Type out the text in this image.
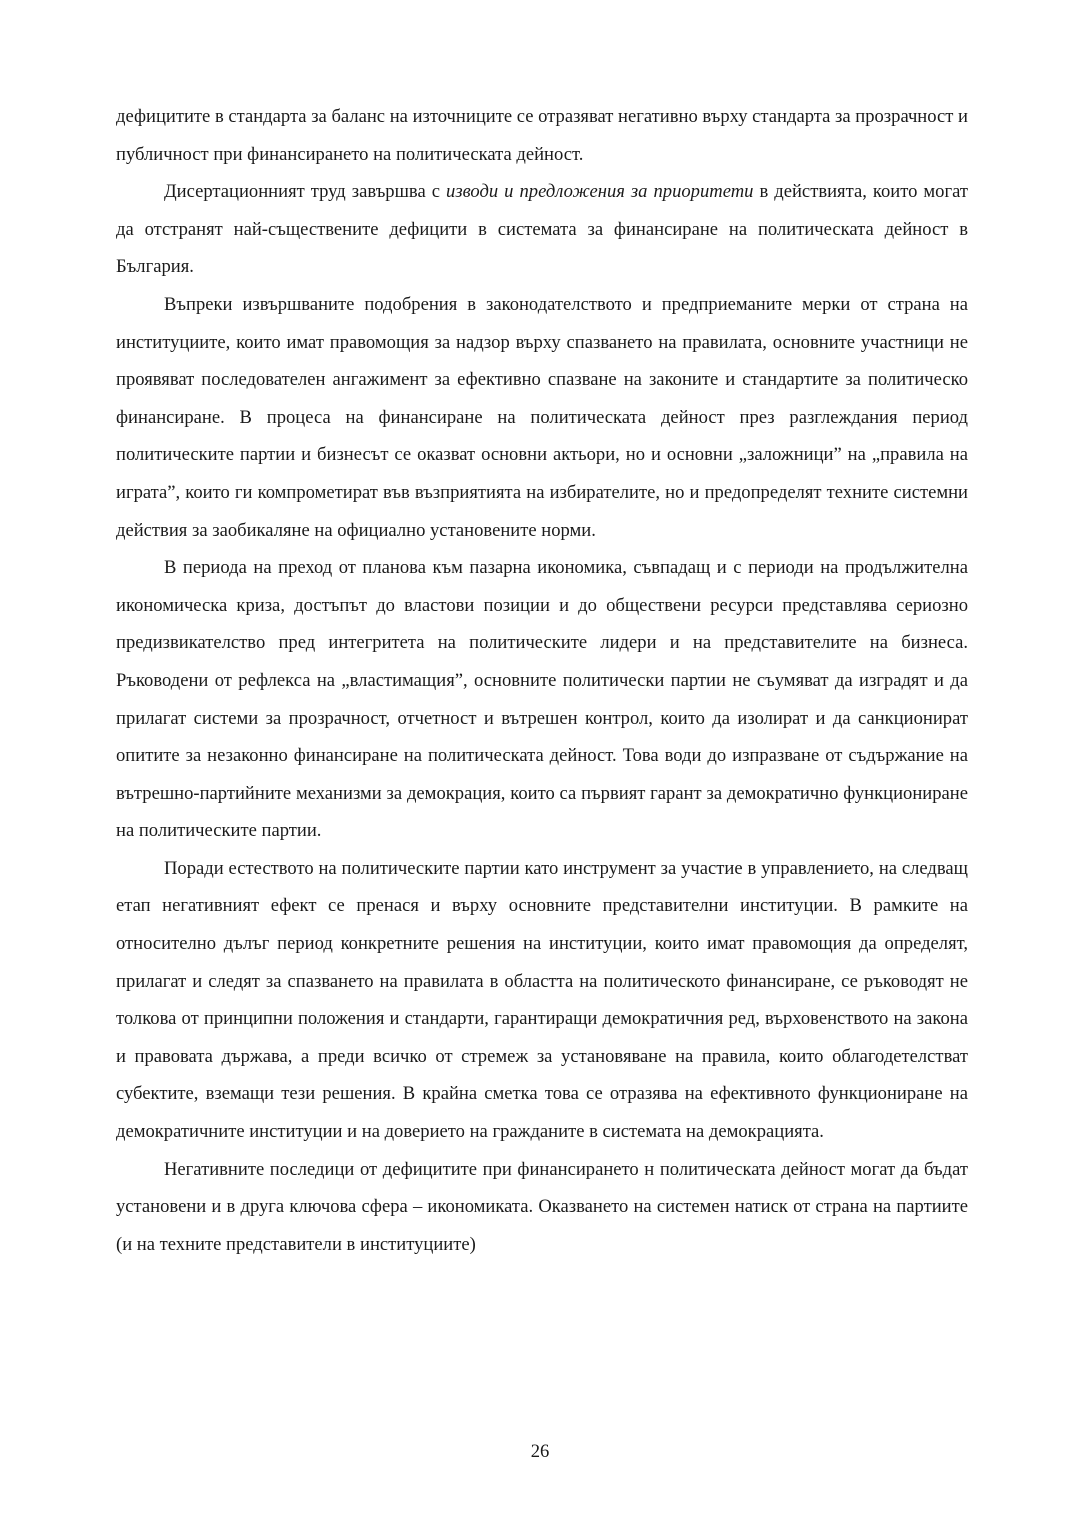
дефицитите в стандарта за баланс на източниците се отразяват негативно върху стандарта за прозрачност и публичност при финансирането на политическата дейност.

Дисертационният труд завършва с изводи и предложения за приоритети в действията, които могат да отстранят най-съществените дефицити в системата за финансиране на политическата дейност в България.

Въпреки извършваните подобрения в законодателството и предприеманите мерки от страна на институциите, които имат правомощия за надзор върху спазването на правилата, основните участници не проявяват последователен ангажимент за ефективно спазване на законите и стандартите за политическо финансиране. В процеса на финансиране на политическата дейност през разглеждания период политическите партии и бизнесът се оказват основни актьори, но и основни „заложници” на „правила на играта”, които ги компрометират във възприятията на избирателите, но и предопределят техните системни действия за заобикаляне на официално установените норми.

В периода на преход от планова към пазарна икономика, съвпадащ и с периоди на продължителна икономическа криза, достъпът до властови позиции и до обществени ресурси представлява сериозно предизвикателство пред интегритета на политическите лидери и на представителите на бизнеса. Ръководени от рефлекса на „властимащия”, основните политически партии не съумяват да изградят и да прилагат системи за прозрачност, отчетност и вътрешен контрол, които да изолират и да санкционират опитите за незаконно финансиране на политическата дейност. Това води до изпразване от съдържание на вътрешно-партийните механизми за демокрация, които са първият гарант за демократично функциониране на политическите партии.

Поради естеството на политическите партии като инструмент за участие в управлението, на следващ етап негативният ефект се пренася и върху основните представителни институции. В рамките на относително дълъг период конкретните решения на институции, които имат правомощия да определят, прилагат и следят за спазването на правилата в областта на политическото финансиране, се ръководят не толкова от принципни положения и стандарти, гарантиращи демократичния ред, върховенството на закона и правовата държава, а преди всичко от стремеж за установяване на правила, които облагодетелстват субектите, вземащи тези решения. В крайна сметка това се отразява на ефективното функциониране на демократичните институции и на доверието на гражданите в системата на демокрацията.

Негативните последици от дефицитите при финансирането н политическата дейност могат да бъдат установени и в друга ключова сфера – икономиката. Оказването на системен натиск от страна на партиите (и на техните представители в институциите)

26
